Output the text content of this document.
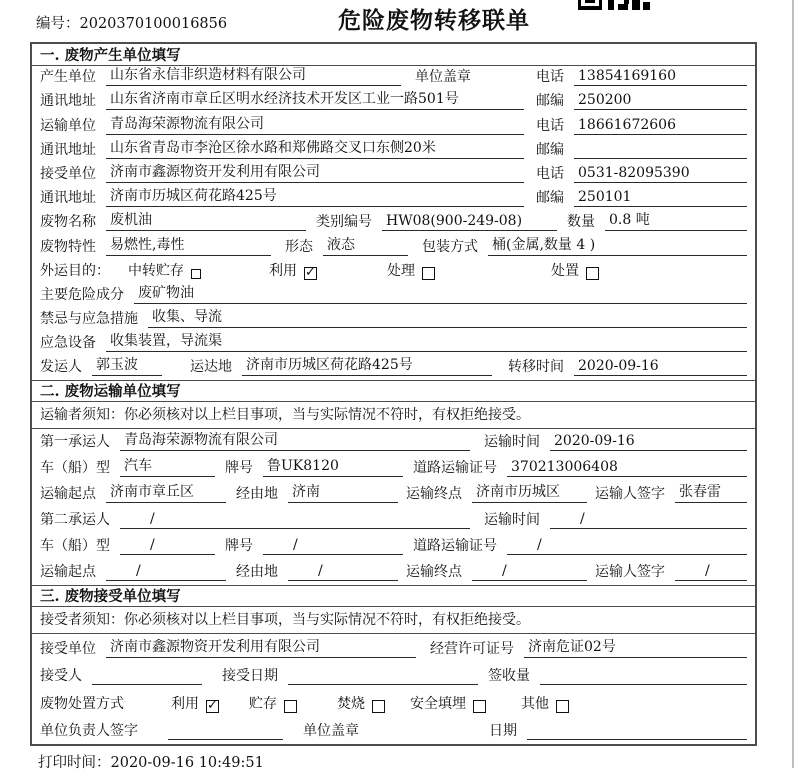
编号：2020370100016856	危险废物转移联单
一. 废物产生单位填写
产生单位 山东省永信非织造材料有限公司	单位盖章	电话 13854169160
通讯地址 山东省济南市章丘区明水经济技术开发区工业一路501号	邮编 250200
运输单位 青岛海荣源物流有限公司	电话 18661672606
通讯地址 山东省青岛市李沧区徐水路和郑佛路交叉口东侧20米	邮编
接受单位 济南市鑫源物资开发利用有限公司	电话 0531-82095390
通讯地址 济南市历城区荷花路425号	邮编 250101
废物名称 废机油	类别编号 HW08(900-249-08)	数量 0.8 吨
废物特性 易燃性,毒性	形态 液态	包装方式 桶(金属,数量 4 )
外运目的： 中转贮存	利用 ✓	处理	处置
主要危险成分 废矿物油
禁忌与应急措施 收集、导流
应急设备 收集装置，导流渠
发运人 郭玉波	运达地 济南市历城区荷花路425号	转移时间 2020-09-16
二. 废物运输单位填写
运输者须知：你必须核对以上栏目事项，当与实际情况不符时，有权拒绝接受。
第一承运人 青岛海荣源物流有限公司	运输时间 2020-09-16
车（船）型 汽车	牌号 鲁UK8120	道路运输证号 370213006408
运输起点 济南市章丘区	经由地 济南	运输终点 济南市历城区	运输人签字 张春雷
第二承运人	/	运输时间	/
车（船）型	/	牌号	/	道路运输证号	/
运输起点	/	经由地	/	运输终点	/	运输人签字	/
三. 废物接受单位填写
接受者须知：你必须核对以上栏目事项，当与实际情况不符时，有权拒绝接受。
接受单位 济南市鑫源物资开发利用有限公司	经营许可证号 济南危证02号
接受人	接受日期	签收量
废物处置方式	利用 ✓	贮存	焚烧	安全填埋	其他
单位负责人签字	单位盖章	日期
打印时间：2020-09-16 10:49:51
